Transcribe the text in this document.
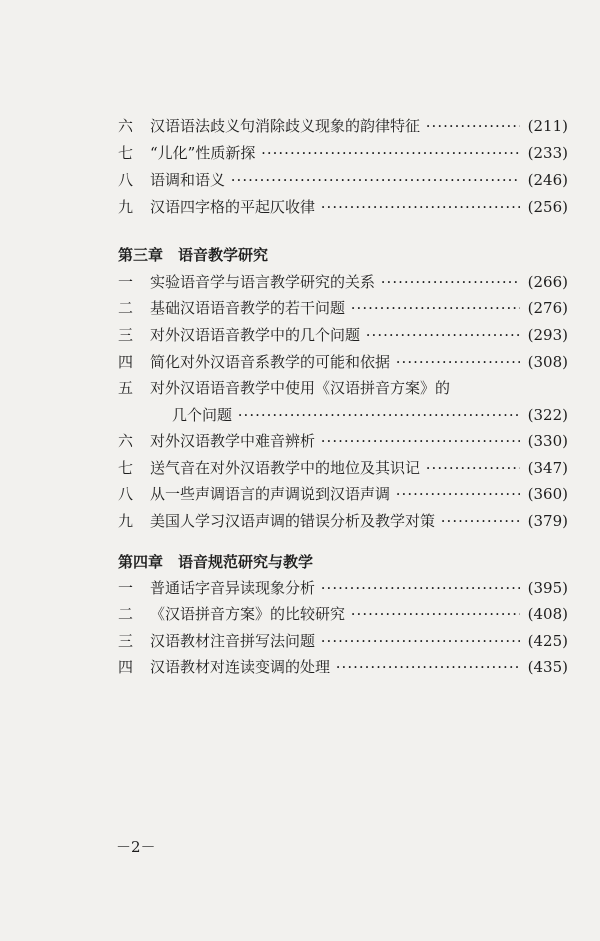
六 汉语语法歧义句消除歧义现象的韵律特征 ·····	(211)
七 “儿化”性质新探 ·····	(233)
八 语调和语义 ·····	(246)
九 汉语四字格的平起仄收律 ·····	(256)
第三章　语音教学研究
一 实验语音学与语言教学研究的关系 ·····	(266)
二 基础汉语语音教学的若干问题 ·····	(276)
三 对外汉语语音教学中的几个问题 ·····	(293)
四 简化对外汉语音系教学的可能和依据 ·····	(308)
五 对外汉语语音教学中使用《汉语拼音方案》的
几个问题 ·····	(322)
六 对外汉语教学中难音辨析 ·····	(330)
七 送气音在对外汉语教学中的地位及其识记 ·····	(347)
八 从一些声调语言的声调说到汉语声调 ·····	(360)
九 美国人学习汉语声调的错误分析及教学对策 ·····	(379)
第四章　语音规范研究与教学
一 普通话字音异读现象分析 ·····	(395)
二 《汉语拼音方案》的比较研究 ·····	(408)
三 汉语教材注音拼写法问题 ·····	(425)
四 汉语教材对连读变调的处理 ·····	(435)
－2－
